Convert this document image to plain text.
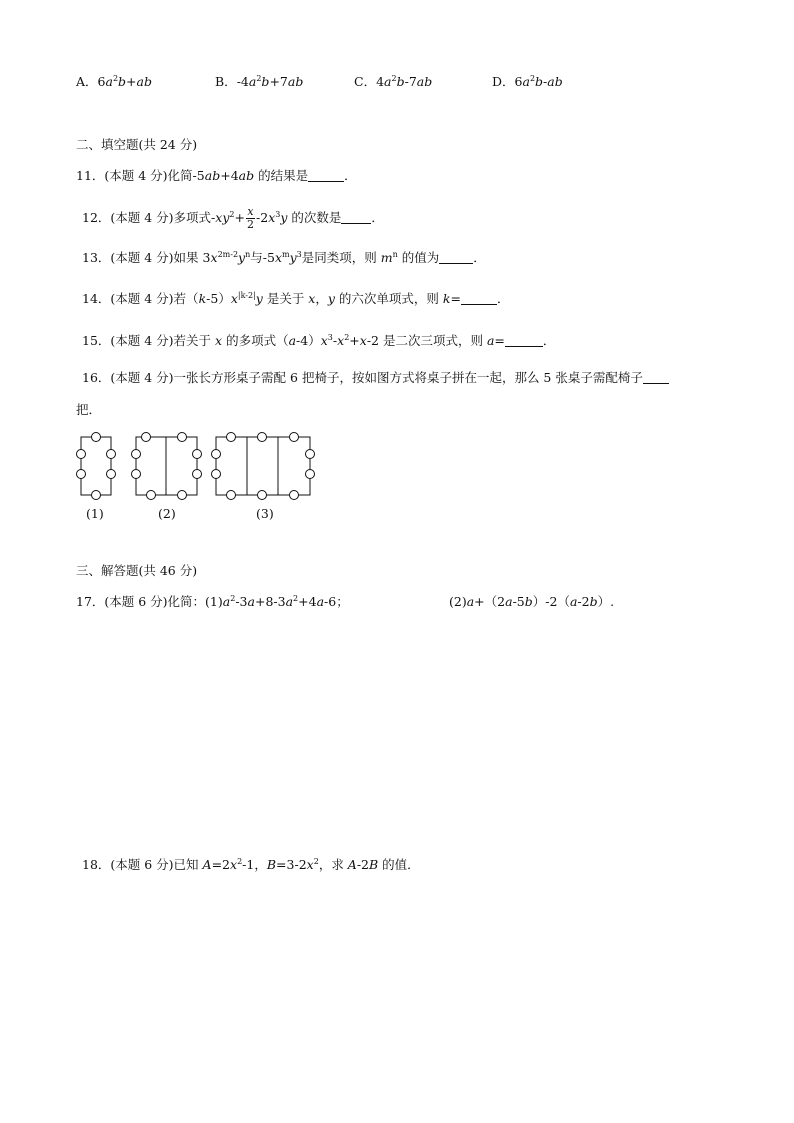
A．$6a^2b+ab$	B．$-4a^2b+7ab$	C．$4a^2b-7ab$	D．$6a^2b-ab$
二、填空题(共 24 分)
11．(本题 4 分)化简-5ab+4ab 的结果是	．
12．(本题 4 分)多项式$-xy^2+ \frac{x}{2} -2x^3y$ 的次数是 ．
13．(本题 4 分)如果 $3x^{2m-2}y^n$与$-5x^my^3$是同类项，则 $m^n$ 的值为	．
14．(本题 4 分)若$(k-5)x^{|k-2|}y$ 是关于 x，y 的六次单项式，则 k=	．
15．(本题 4 分)若关于 x 的多项式$(a-4)x^3-x^2+x-2$ 是二次三项式，则 a=	．
16．(本题 4 分)一张长方形桌子需配 6 把椅子，按如图方式将桌子拼在一起，那么 5 张桌子需配椅子
把．
(1)	(2)	(3)
三、解答题(共 46 分)
17．(本题 6 分)化简：$(1)a^2-3a+8-3a^2+4a-6$；	(2)a+（2a-5b）-2（a-2b）.
18．(本题 6 分)已知 $A=2x^2-1$，$B=3-2x^2$，求 A-2B 的值．
